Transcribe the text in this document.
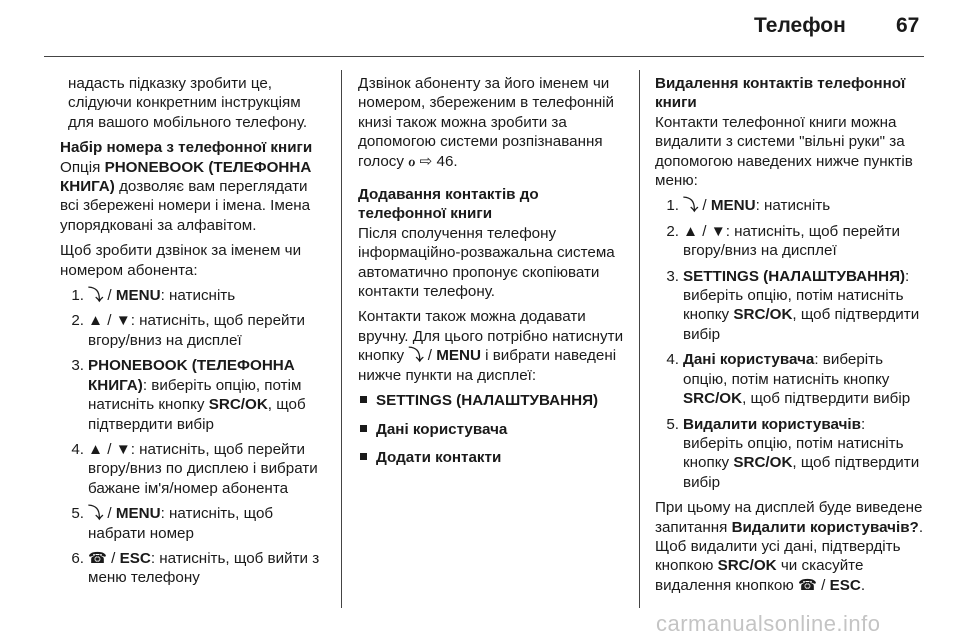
Телефон 67

надасть підказку зробити це, слідуючи конкретним інструкціям для вашого мобільного телефону.

Набір номера з телефонної книги

Опція PHONEBOOK (ТЕЛЕФОННА КНИГА) дозволяє вам переглядати всі збережені номери і імена. Імена упорядковані за алфавітом.

Щоб зробити дзвінок за іменем чи номером абонента:

1. ⤵ / MENU: натисніть
2. ▲ / ▼: натисніть, щоб перейти вгору/вниз на дисплеї
3. PHONEBOOK (ТЕЛЕФОННА КНИГА): виберіть опцію, потім натисніть кнопку SRC/OK, щоб підтвердити вибір
4. ▲ / ▼: натисніть, щоб перейти вгору/вниз по дисплею і вибрати бажане ім'я/номер абонента
5. ⤵ / MENU: натисніть, щоб набрати номер
6. ☎ / ESC: натисніть, щоб вийти з меню телефону

Дзвінок абоненту за його іменем чи номером, збереженим в телефонній книзі також можна зробити за допомогою системи розпізнавання голосу ℴ ⇨ 46.

Додавання контактів до телефонної книги

Після сполучення телефону інформаційно-розважальна система автоматично пропонує скопіювати контакти телефону.

Контакти також можна додавати вручну. Для цього потрібно натиснути кнопку ⤵ / MENU і вибрати наведені нижче пункти на дисплеї:

SETTINGS (НАЛАШТУВАННЯ)
Дані користувача
Додати контакти
Видалення контактів телефонної книги

Контакти телефонної книги можна видалити з системи "вільні руки" за допомогою наведених нижче пунктів меню:

1. ⤵ / MENU: натисніть
2. ▲ / ▼: натисніть, щоб перейти вгору/вниз на дисплеї
3. SETTINGS (НАЛАШТУВАННЯ): виберіть опцію, потім натисніть кнопку SRC/OK, щоб підтвердити вибір
4. Дані користувача: виберіть опцію, потім натисніть кнопку SRC/OK, щоб підтвердити вибір
5. Видалити користувачів: виберіть опцію, потім натисніть кнопку SRC/OK, щоб підтвердити вибір

При цьому на дисплей буде виведене запитання Видалити користувачів?. Щоб видалити усі дані, підтвердіть кнопкою SRC/OK чи скасуйте видалення кнопкою ☎ / ESC.

carmanualsonline.info
